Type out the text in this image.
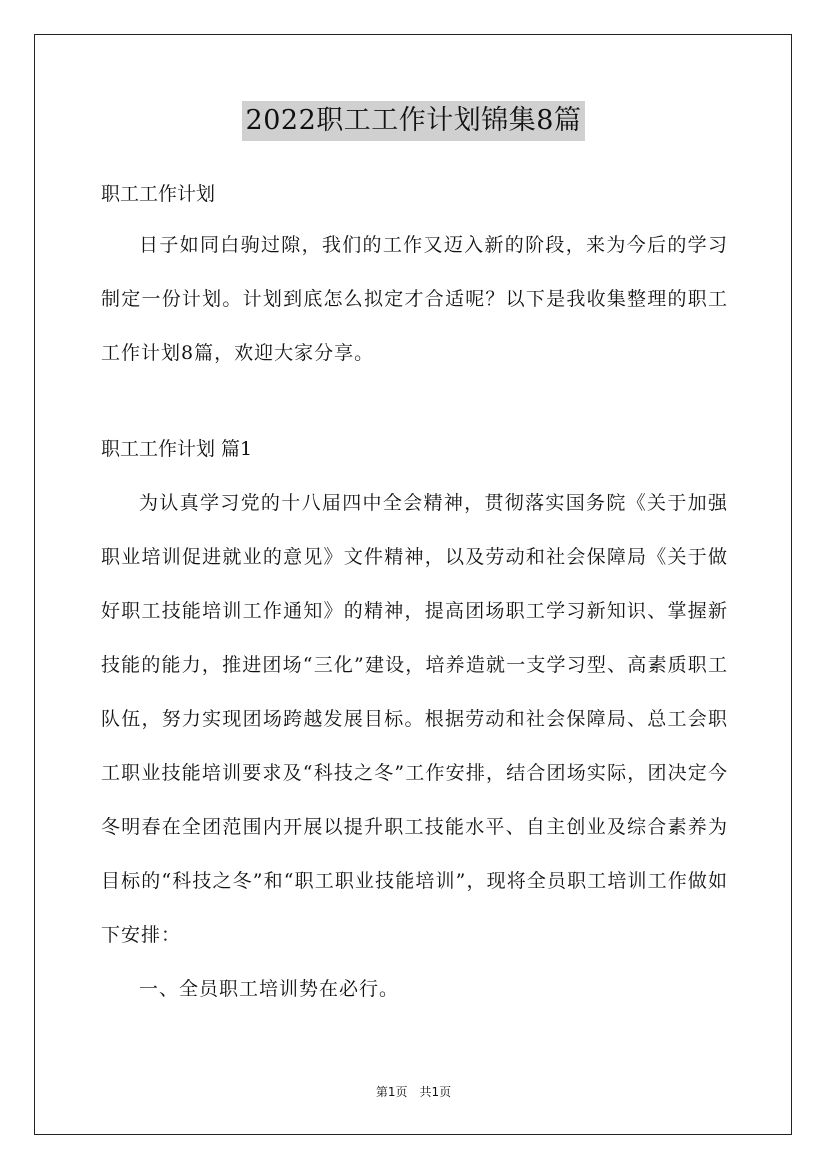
2022职工工作计划锦集8篇

职工工作计划

日子如同白驹过隙，我们的工作又迈入新的阶段，来为今后的学习制定一份计划。计划到底怎么拟定才合适呢？以下是我收集整理的职工工作计划8篇，欢迎大家分享。

职工工作计划 篇1

为认真学习党的十八届四中全会精神，贯彻落实国务院《关于加强职业培训促进就业的意见》文件精神，以及劳动和社会保障局《关于做好职工技能培训工作通知》的精神，提高团场职工学习新知识、掌握新技能的能力，推进团场“三化”建设，培养造就一支学习型、高素质职工队伍，努力实现团场跨越发展目标。根据劳动和社会保障局、总工会职工职业技能培训要求及“科技之冬”工作安排，结合团场实际，团决定今冬明春在全团范围内开展以提升职工技能水平、自主创业及综合素养为目标的“科技之冬”和“职工职业技能培训”，现将全员职工培训工作做如下安排：

一、全员职工培训势在必行。

第1页　共1页
